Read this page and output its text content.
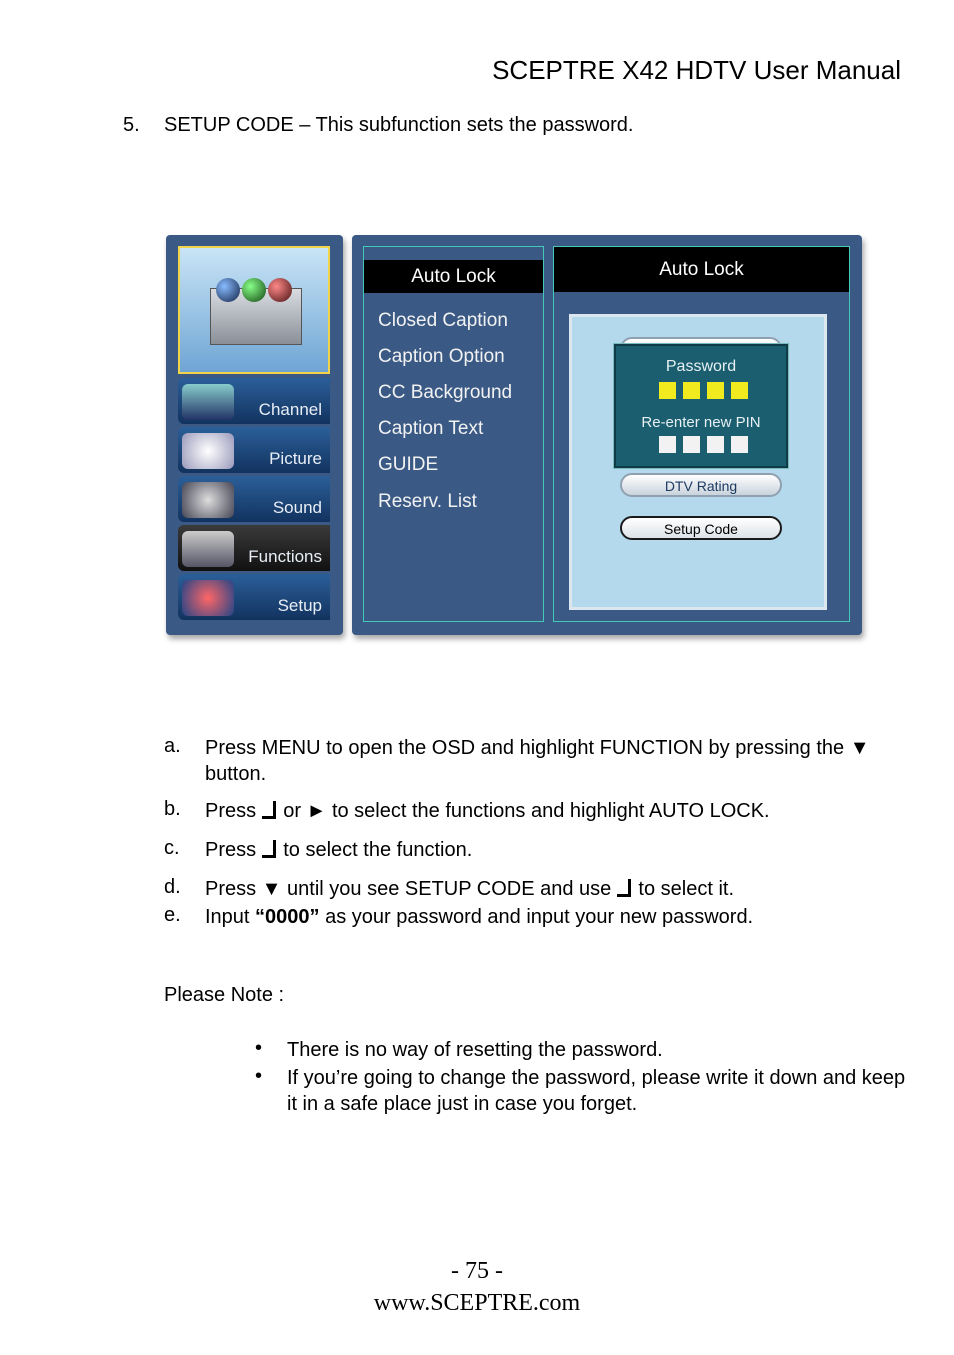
SCEPTRE X42 HDTV User Manual
5. SETUP CODE – This subfunction sets the password.
Channel
Picture
Sound
Functions
Setup
Auto Lock
Closed Caption
Caption Option
CC Background
Caption Text
GUIDE
Reserv. List
Auto Lock
Password
Re-enter new PIN
DTV Rating
Setup Code
a. Press MENU to open the OSD and highlight FUNCTION by pressing the ▼ button.
b. Press or ► to select the functions and highlight AUTO LOCK.
c. Press to select the function.
d. Press ▼ until you see SETUP CODE and use to select it.
e. Input “0000” as your password and input your new password.
Please Note :
• There is no way of resetting the password.
• If you’re going to change the password, please write it down and keep it in a safe place just in case you forget.
- 75 -
www.SCEPTRE.com
